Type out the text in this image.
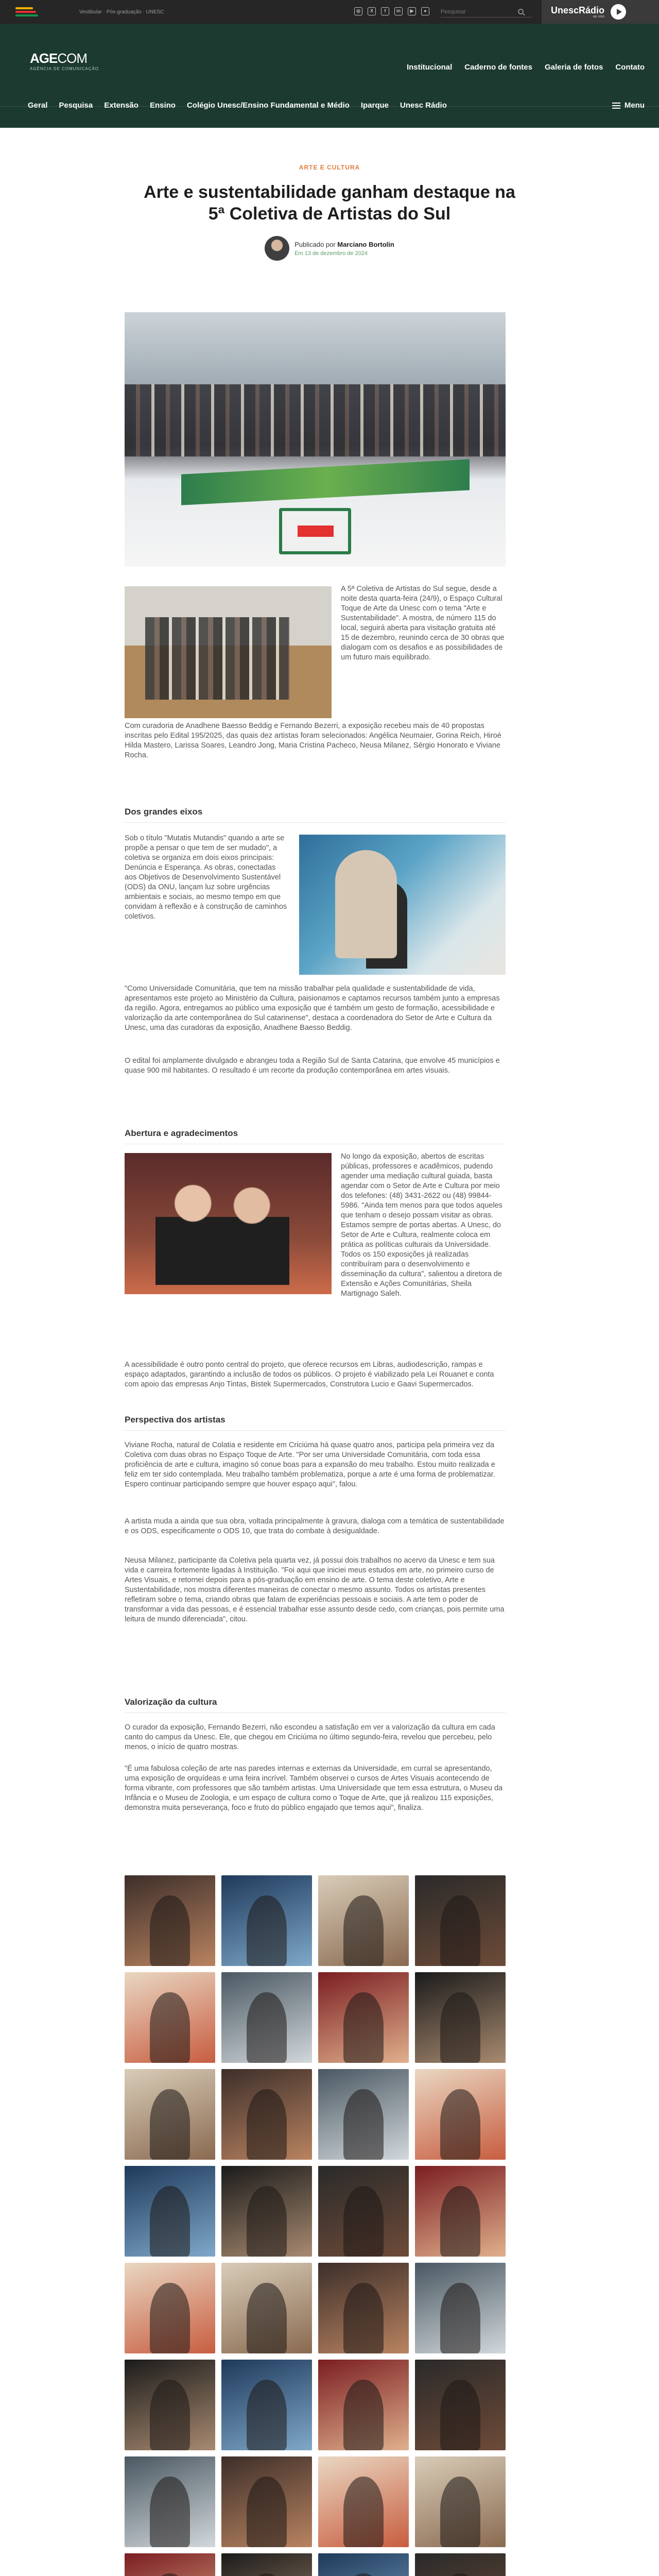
Vestibular · Pós-graduação · UNESC	◎	X	f	in	▶	●
Pesquisar	UnescRádio
ao vivo
AGECOM
AGÊNCIA DE COMUNICAÇÃO	Institucional Caderno de fontes Galeria de fotos Contato
Geral Pesquisa Extensão Ensino Colégio Unesc/Ensino Fundamental e Médio Iparque Unesc Rádio	Menu
ARTE E CULTURA
Arte e sustentabilidade ganham destaque na 5ª Coletiva de Artistas do Sul
Publicado por Marciano Bortolin
Em 13 de dezembro de 2024

A 5ª Coletiva de Artistas do Sul segue, desde a noite desta quarta-feira (24/9), o Espaço Cultural Toque de Arte da Unesc com o tema "Arte e Sustentabilidade". A mostra, de número 115 do local, seguirá aberta para visitação gratuita até 15 de dezembro, reunindo cerca de 30 obras que dialogam com os desafios e as possibilidades de um futuro mais equilibrado.

Com curadoria de Anadhene Baesso Beddig e Fernando Bezerri, a exposição recebeu mais de 40 propostas inscritas pelo Edital 195/2025, das quais dez artistas foram selecionados: Angélica Neumaier, Gorina Reich, Hiroé Hilda Mastero, Larissa Soares, Leandro Jong, Maria Cristina Pacheco, Neusa Milanez, Sérgio Honorato e Viviane Rocha.

Dos grandes eixos

Sob o título "Mutatis Mutandis" quando a arte se propõe a pensar o que tem de ser mudado", a coletiva se organiza em dois eixos principais: Denúncia e Esperança. As obras, conectadas aos Objetivos de Desenvolvimento Sustentável (ODS) da ONU, lançam luz sobre urgências ambientais e sociais, ao mesmo tempo em que convidam à reflexão e à construção de caminhos coletivos.

"Como Universidade Comunitária, que tem na missão trabalhar pela qualidade e sustentabilidade de vida, apresentamos este projeto ao Ministério da Cultura, paisionamos e captamos recursos também junto a empresas da região. Agora, entregamos ao público uma exposição que é também um gesto de formação, acessibilidade e valorização da arte contemporânea do Sul catarinense", destaca a coordenadora do Setor de Arte e Cultura da Unesc, uma das curadoras da exposição, Anadhene Baesso Beddig.

O edital foi amplamente divulgado e abrangeu toda a Região Sul de Santa Catarina, que envolve 45 municípios e quase 900 mil habitantes. O resultado é um recorte da produção contemporânea em artes visuais.

Abertura e agradecimentos

No longo da exposição, abertos de escritas públicas, professores e acadêmicos, pudendo agender uma mediação cultural guiada, basta agendar com o Setor de Arte e Cultura por meio dos telefones: (48) 3431-2622 ou (48) 99844-5986. "Ainda tem menos para que todos aqueles que tenham o desejo possam visitar as obras. Estamos sempre de portas abertas. A Unesc, do Setor de Arte e Cultura, realmente coloca em prática as políticas culturais da Universidade. Todos os 150 exposições já realizadas contribuíram para o desenvolvimento e disseminação da cultura", salientou a diretora de Extensão e Ações Comunitárias, Sheila Martignago Saleh.

A acessibilidade é outro ponto central do projeto, que oferece recursos em Libras, audiodescrição, rampas e espaço adaptados, garantindo a inclusão de todos os públicos. O projeto é viabilizado pela Lei Rouanet e conta com apoio das empresas Anjo Tintas, Bistek Supermercados, Construtora Lucio e Gaavi Supermercados.

Perspectiva dos artistas

Viviane Rocha, natural de Colatia e residente em Criciúma há quase quatro anos, participa pela primeira vez da Coletiva com duas obras no Espaço Toque de Arte. "Por ser uma Universidade Comunitária, com toda essa proficiência de arte e cultura, imagino só conue boas para a expansão do meu trabalho. Estou muito realizada e feliz em ter sido contemplada. Meu trabalho também problematiza, porque a arte é uma forma de problematizar. Espero continuar participando sempre que houver espaço aqui", falou.

A artista muda a ainda que sua obra, voltada principalmente à gravura, dialoga com a temática de sustentabilidade e os ODS, especificamente o ODS 10, que trata do combate à desigualdade.

Neusa Milanez, participante da Coletiva pela quarta vez, já possui dois trabalhos no acervo da Unesc e tem sua vida e carreira fortemente ligadas à Instituição. "Foi aqui que iniciei meus estudos em arte, no primeiro curso de Artes Visuais, e retornei depois para a pós-graduação em ensino de arte. O tema deste coletivo, Arte e Sustentabilidade, nos mostra diferentes maneiras de conectar o mesmo assunto. Todos os artistas presentes refletiram sobre o tema, criando obras que falam de experiências pessoais e sociais. A arte tem o poder de transformar a vida das pessoas, e é essencial trabalhar esse assunto desde cedo, com crianças, pois permite uma leitura de mundo diferenciada", citou.

Valorização da cultura

O curador da exposição, Fernando Bezerri, não escondeu a satisfação em ver a valorização da cultura em cada canto do campus da Unesc. Ele, que chegou em Criciúma no último segundo-feira, revelou que percebeu, pelo menos, o início de quatro mostras.

"É uma fabulosa coleção de arte nas paredes internas e externas da Universidade, em curral se apresentando, uma exposição de orquídeas e uma feira incrível. Também observei o cursos de Artes Visuais acontecendo de forma vibrante, com professores que são também artistas. Uma Universidade que tem essa estrutura, o Museu da Infância e o Museu de Zoologia, e um espaço de cultura como o Toque de Arte, que já realizou 115 exposições, demonstra muita perseverança, foco e fruto do público engajado que temos aqui", finaliza.
